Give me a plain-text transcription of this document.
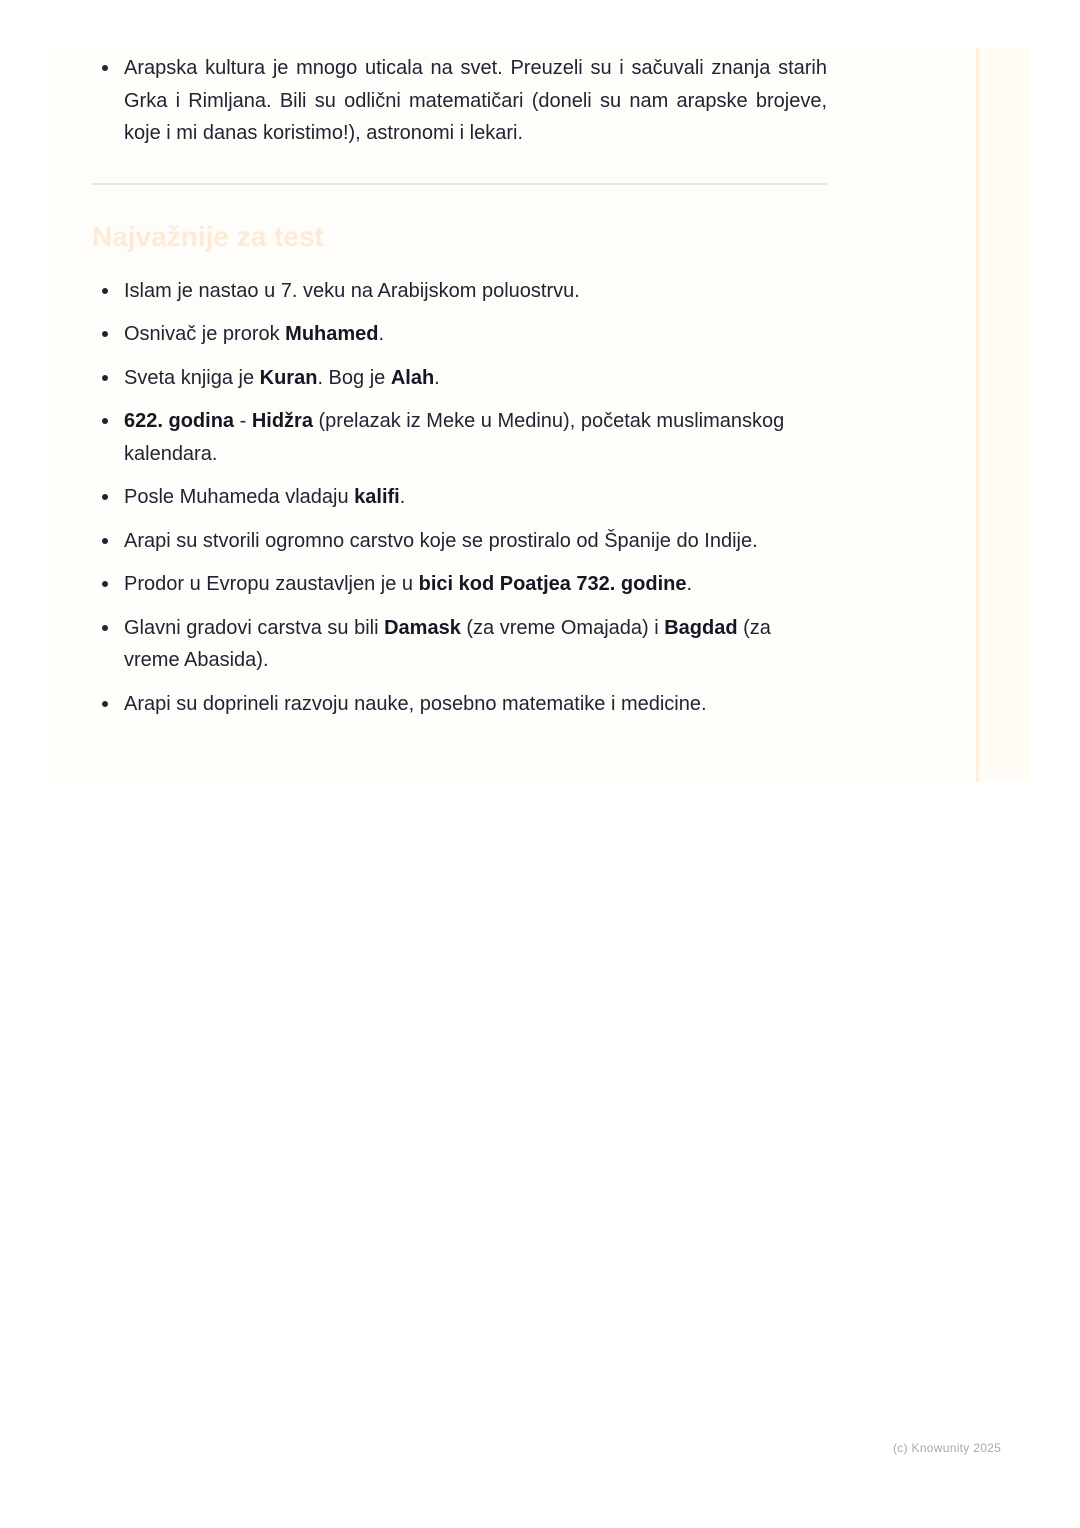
Arapska kultura je mnogo uticala na svet. Preuzeli su i sačuvali znanja starih Grka i Rimljana. Bili su odlični matematičari (doneli su nam arapske brojeve, koje i mi danas koristimo!), astronomi i lekari.
Najvažnije za test
Islam je nastao u 7. veku na Arabijskom poluostrvu.
Osnivač je prorok Muhamed.
Sveta knjiga je Kuran. Bog je Alah.
622. godina - Hidžra (prelazak iz Meke u Medinu), početak muslimanskog kalendara.
Posle Muhameda vladaju kalifi.
Arapi su stvorili ogromno carstvo koje se prostiralo od Španije do Indije.
Prodor u Evropu zaustavljen je u bici kod Poatjea 732. godine.
Glavni gradovi carstva su bili Damask (za vreme Omajada) i Bagdad (za vreme Abasida).
Arapi su doprineli razvoju nauke, posebno matematike i medicine.
(c) Knowunity 2025
